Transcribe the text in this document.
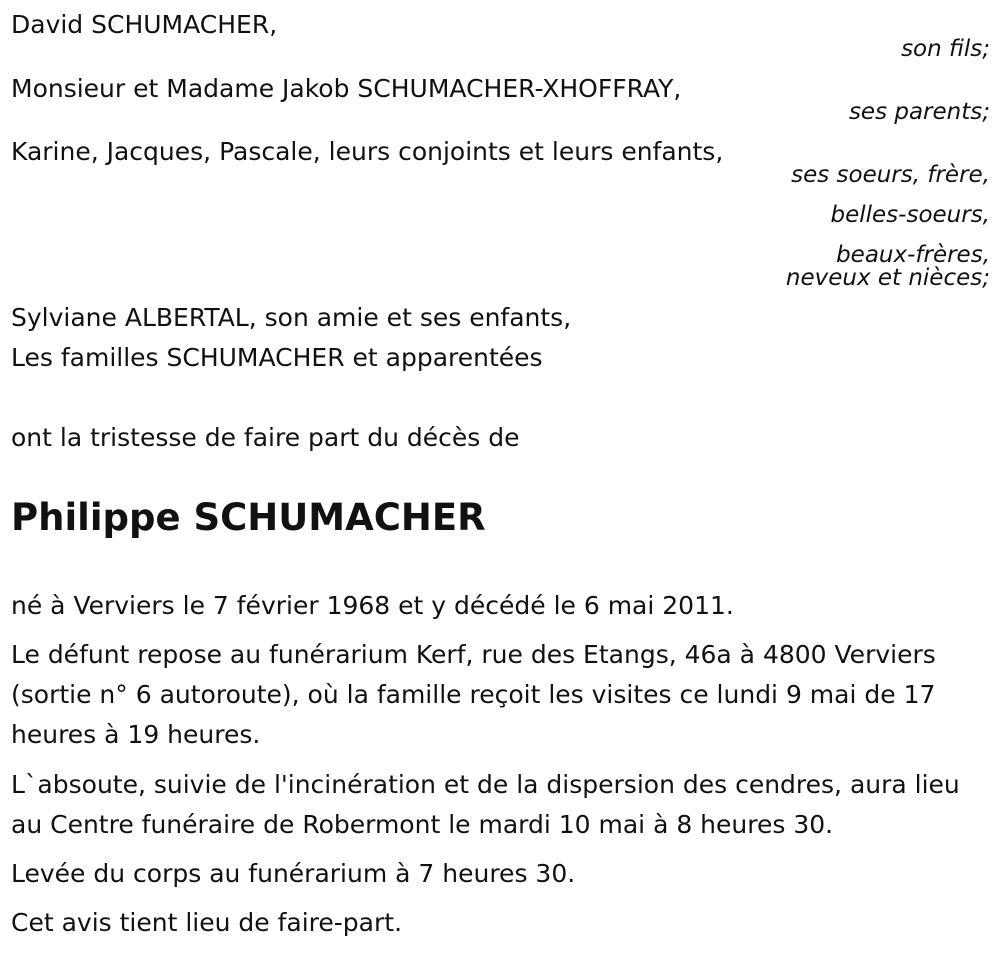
David SCHUMACHER,
son fils;
Monsieur et Madame Jakob SCHUMACHER-XHOFFRAY,
ses parents;
Karine, Jacques, Pascale, leurs conjoints et leurs enfants,
ses soeurs, frère,
belles-soeurs,
beaux-frères,
neveux et nièces;
Sylviane ALBERTAL, son amie et ses enfants,
Les familles SCHUMACHER et apparentées
ont la tristesse de faire part du décès de
Philippe SCHUMACHER
né à Verviers le 7 février 1968 et y décédé le 6 mai 2011.
Le défunt repose au funérarium Kerf, rue des Etangs, 46a à 4800 Verviers (sortie n° 6 autoroute), où la famille reçoit les visites ce lundi 9 mai de 17 heures à 19 heures.
L`absoute, suivie de l'incinération et de la dispersion des cendres, aura lieu au Centre funéraire de Robermont le mardi 10 mai à 8 heures 30.
Levée du corps au funérarium à 7 heures 30.
Cet avis tient lieu de faire-part.
